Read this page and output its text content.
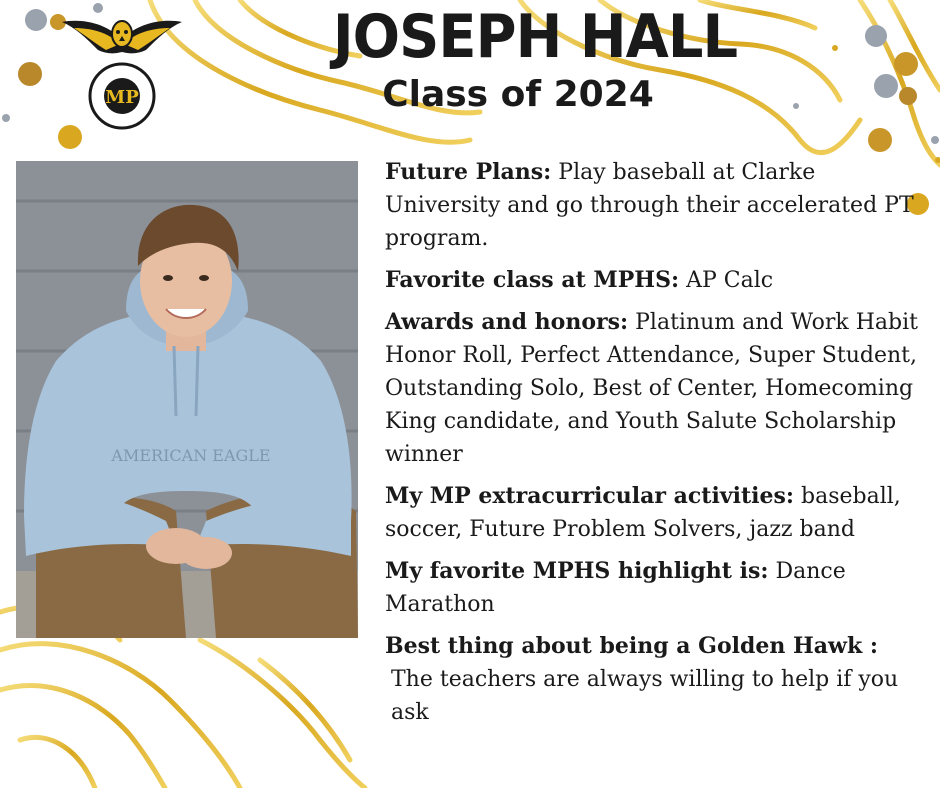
MP
JOSEPH HALL
Class of 2024
AMERICAN EAGLE
Future Plans: Play baseball at Clarke University and go through their accelerated PT program.
Favorite class at MPHS: AP Calc
Awards and honors: Platinum and Work Habit Honor Roll, Perfect Attendance, Super Student, Outstanding Solo, Best of Center, Homecoming King candidate, and Youth Salute Scholarship winner
My MP extracurricular activities: baseball, soccer, Future Problem Solvers, jazz band
My favorite MPHS highlight is: Dance Marathon
Best thing about being a Golden Hawk :
The teachers are always willing to help if you ask
